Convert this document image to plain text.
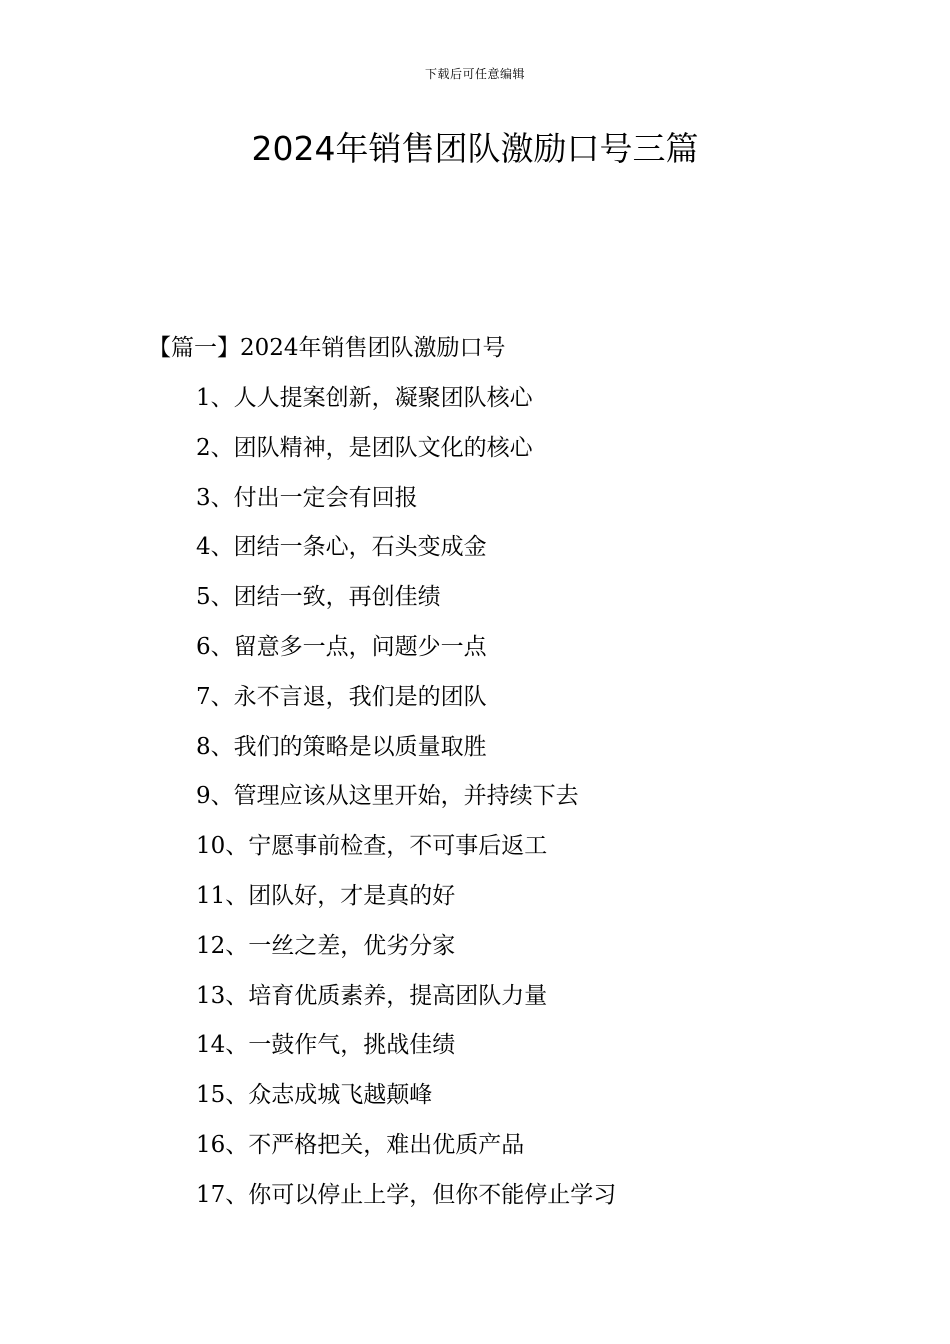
下载后可任意编辑
2024年销售团队激励口号三篇
【篇一】2024年销售团队激励口号
1、人人提案创新，凝聚团队核心
2、团队精神，是团队文化的核心
3、付出一定会有回报
4、团结一条心，石头变成金
5、团结一致，再创佳绩
6、留意多一点，问题少一点
7、永不言退，我们是的团队
8、我们的策略是以质量取胜
9、管理应该从这里开始，并持续下去
10、宁愿事前检查，不可事后返工
11、团队好，才是真的好
12、一丝之差，优劣分家
13、培育优质素养，提高团队力量
14、一鼓作气，挑战佳绩
15、众志成城飞越颠峰
16、不严格把关，难出优质产品
17、你可以停止上学，但你不能停止学习
